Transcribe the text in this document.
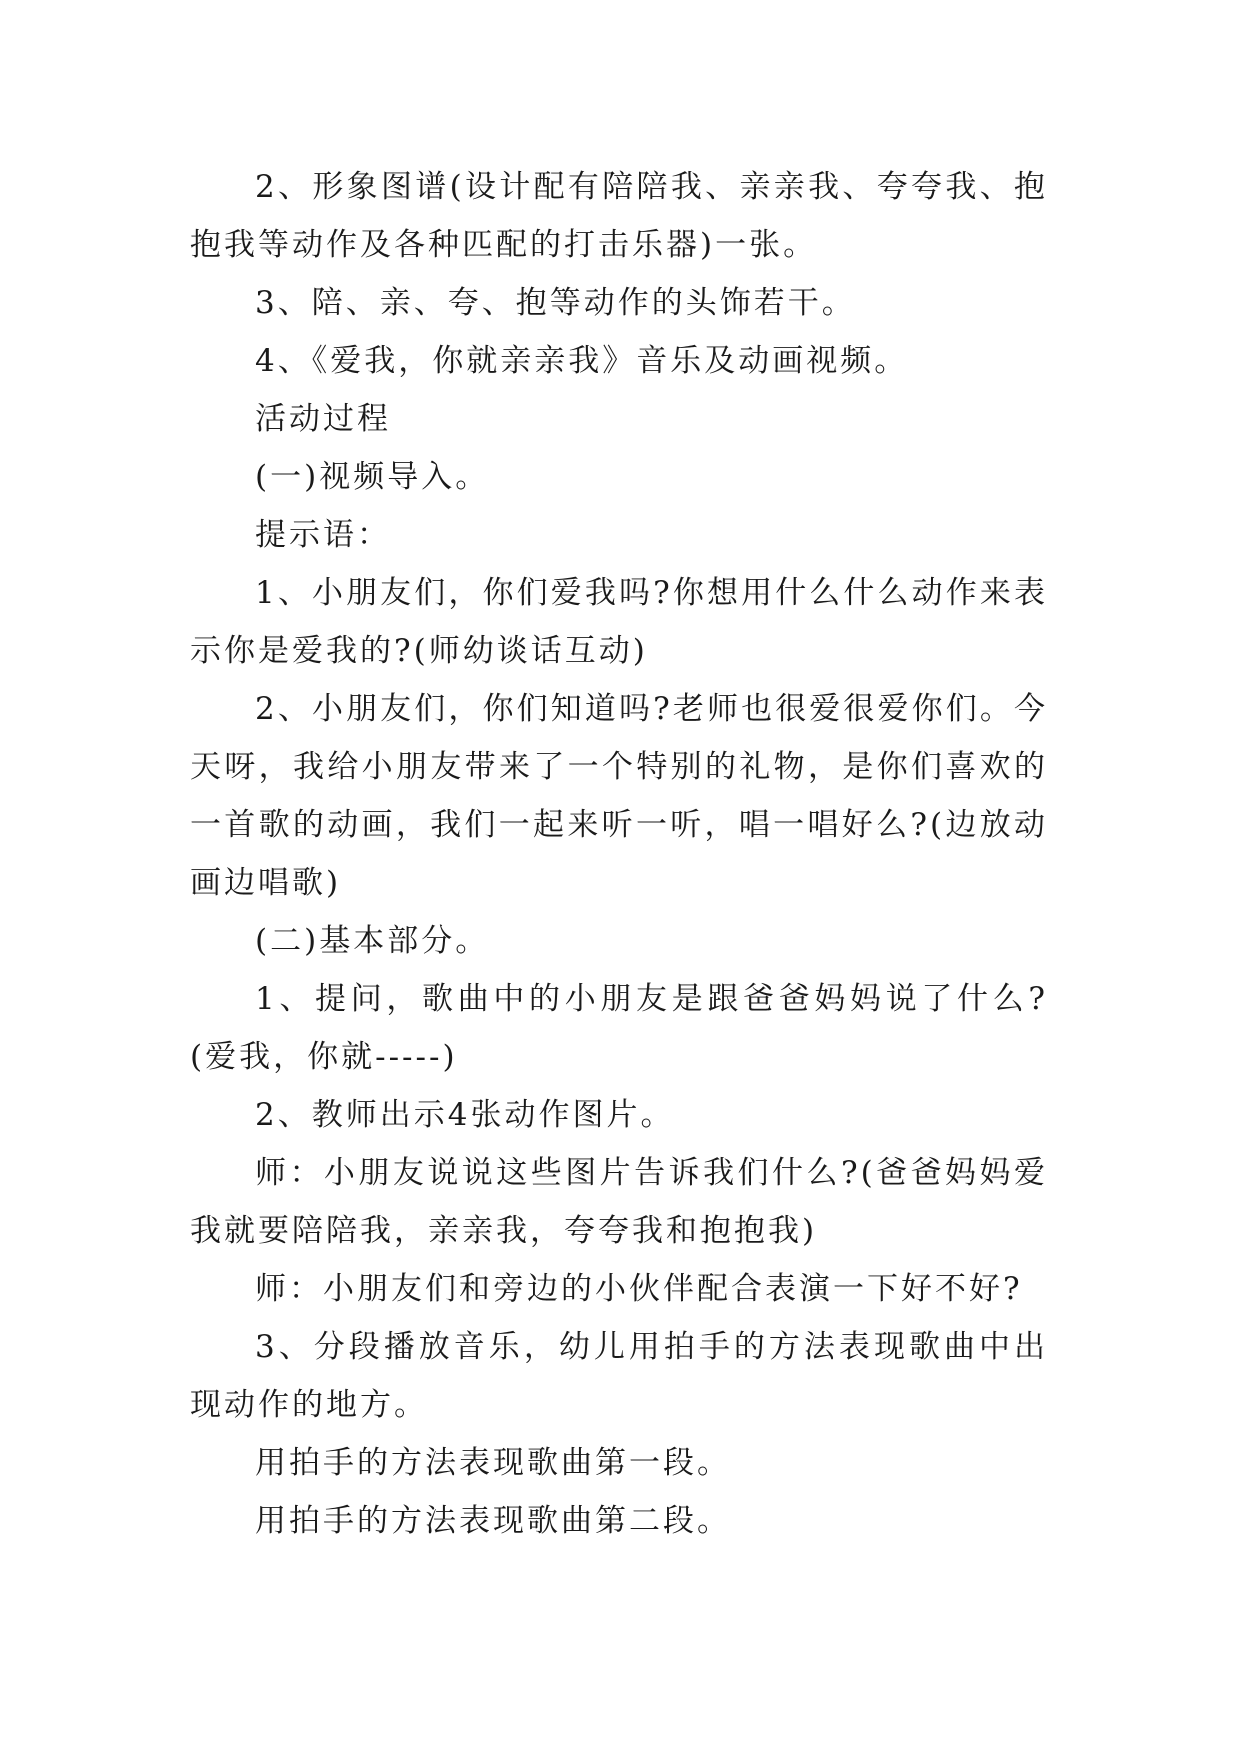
2、形象图谱(设计配有陪陪我、亲亲我、夸夸我、抱抱我等动作及各种匹配的打击乐器)一张。

3、陪、亲、夸、抱等动作的头饰若干。

4、《爱我，你就亲亲我》音乐及动画视频。

活动过程

(一)视频导入。

提示语：

1、小朋友们，你们爱我吗?你想用什么什么动作来表示你是爱我的?(师幼谈话互动)

2、小朋友们，你们知道吗?老师也很爱很爱你们。今天呀，我给小朋友带来了一个特别的礼物，是你们喜欢的一首歌的动画，我们一起来听一听，唱一唱好么?(边放动画边唱歌)

(二)基本部分。

1、提问，歌曲中的小朋友是跟爸爸妈妈说了什么?(爱我，你就-----)

2、教师出示4张动作图片。

师：小朋友说说这些图片告诉我们什么?(爸爸妈妈爱我就要陪陪我，亲亲我，夸夸我和抱抱我)

师：小朋友们和旁边的小伙伴配合表演一下好不好?

3、分段播放音乐，幼儿用拍手的方法表现歌曲中出现动作的地方。

用拍手的方法表现歌曲第一段。

用拍手的方法表现歌曲第二段。
